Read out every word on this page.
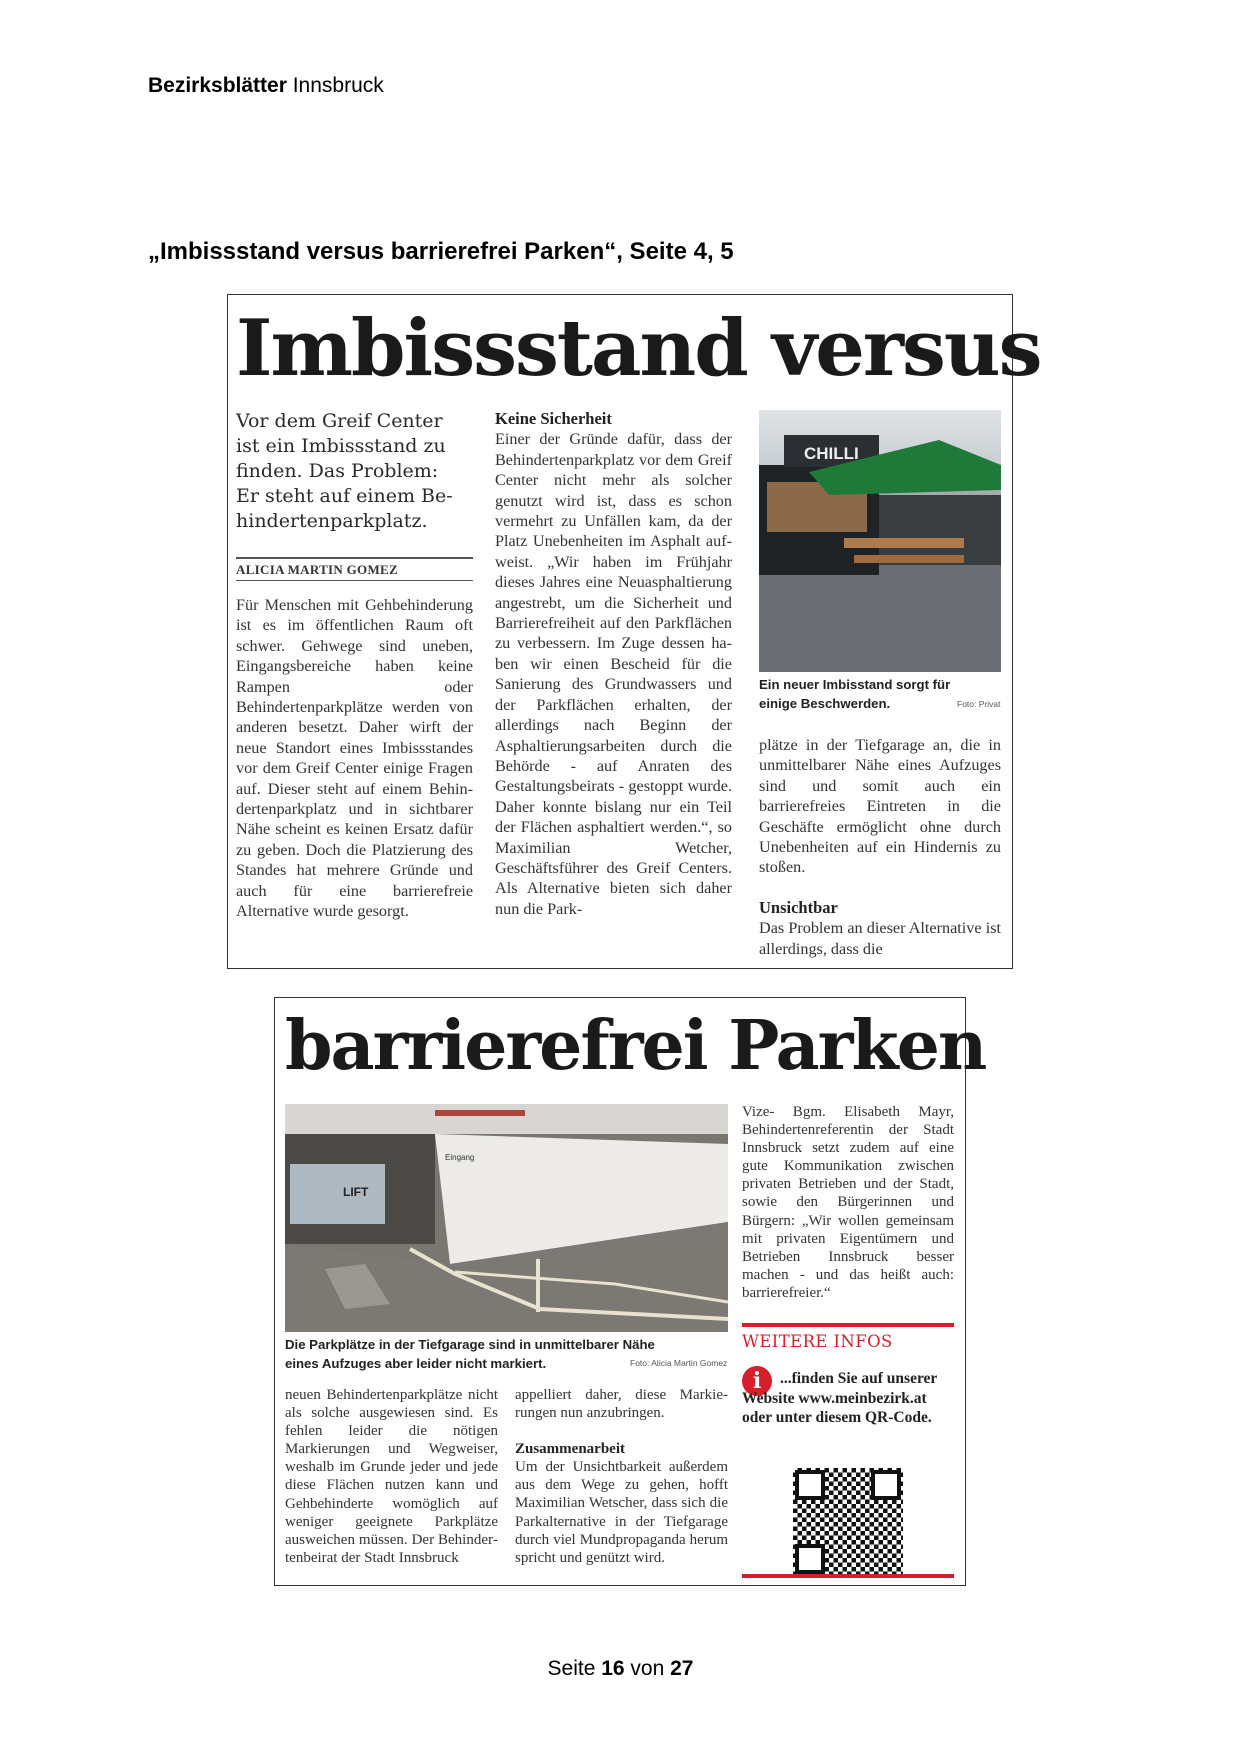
Bezirksblätter Innsbruck
„Imbissstand versus barrierefrei Parken“, Seite 4, 5
Imbissstand versus
Vor dem Greif Center ist ein Imbissstand zu finden. Das Problem: Er steht auf einem Behindertenparkplatz.
ALICIA MARTIN GOMEZ
Für Menschen mit Gehbehinderung ist es im öffentlichen Raum oft schwer. Gehwege sind uneben, Eingangsbereiche haben keine Rampen oder Behindertenparkplätze werden von anderen besetzt. Daher wirft der neue Standort eines Imbissstandes vor dem Greif Center einige Fragen auf. Dieser steht auf einem Behindertenparkplatz und in sichtbarer Nähe scheint es keinen Ersatz dafür zu geben. Doch die Platzierung des Standes hat mehrere Gründe und auch für eine barrierefreie Alternative wurde gesorgt.
Keine Sicherheit
Einer der Gründe dafür, dass der Behindertenparkplatz vor dem Greif Center nicht mehr als solcher genutzt wird ist, dass es schon vermehrt zu Unfällen kam, da der Platz Unebenheiten im Asphalt aufweist. „Wir haben im Frühjahr dieses Jahres eine Neuasphaltierung angestrebt, um die Sicherheit und Barrierefreiheit auf den Parkflächen zu verbessern. Im Zuge dessen haben wir einen Bescheid für die Sanierung des Grundwassers und der Parkflächen erhalten, der allerdings nach Beginn der Asphaltierungsarbeiten durch die Behörde - auf Anraten des Gestaltungsbeirats - gestoppt wurde. Daher konnte bislang nur ein Teil der Flächen asphaltiert werden.“, so Maximilian Wetcher, Geschäftsführer des Greif Centers. Als Alternative bieten sich daher nun die Park-
CHILLI
Ein neuer Imbisstand sorgt für einige Beschwerden.	Foto: Privat
plätze in der Tiefgarage an, die in unmittelbarer Nähe eines Aufzuges sind und somit auch ein barrierefreies Eintreten in die Geschäfte ermöglicht ohne durch Unebenheiten auf ein Hindernis zu stoßen.
Unsichtbar
Das Problem an dieser Alternative ist allerdings, dass die
barrierefrei Parken
LIFT
Eingang
Die Parkplätze in der Tiefgarage sind in unmittelbarer Nähe eines Aufzuges aber leider nicht markiert.	Foto: Alicia Martin Gomez
neuen Behindertenparkplätze nicht als solche ausgewiesen sind. Es fehlen leider die nötigen Markierungen und Wegweiser, weshalb im Grunde jeder und jede diese Flächen nutzen kann und Gehbehinderte womöglich auf weniger geeignete Parkplätze ausweichen müssen. Der Behindertenbeirat der Stadt Innsbruck
appelliert daher, diese Markierungen nun anzubringen.
Zusammenarbeit
Um der Unsichtbarkeit außerdem aus dem Wege zu gehen, hofft Maximilian Wetscher, dass sich die Parkalternative in der Tiefgarage durch viel Mundpropaganda herum spricht und genützt wird.
Vize- Bgm. Elisabeth Mayr, Behindertenreferentin der Stadt Innsbruck setzt zudem auf eine gute Kommunikation zwischen privaten Betrieben und der Stadt, sowie den Bürgerinnen und Bürgern: „Wir wollen gemeinsam mit privaten Eigentümern und Betrieben Innsbruck besser machen - und das heißt auch: barrierefreier.“
WEITERE INFOS
i	...finden Sie auf unserer Website www.meinbezirk.at oder unter diesem QR-Code.
Seite 16 von 27
